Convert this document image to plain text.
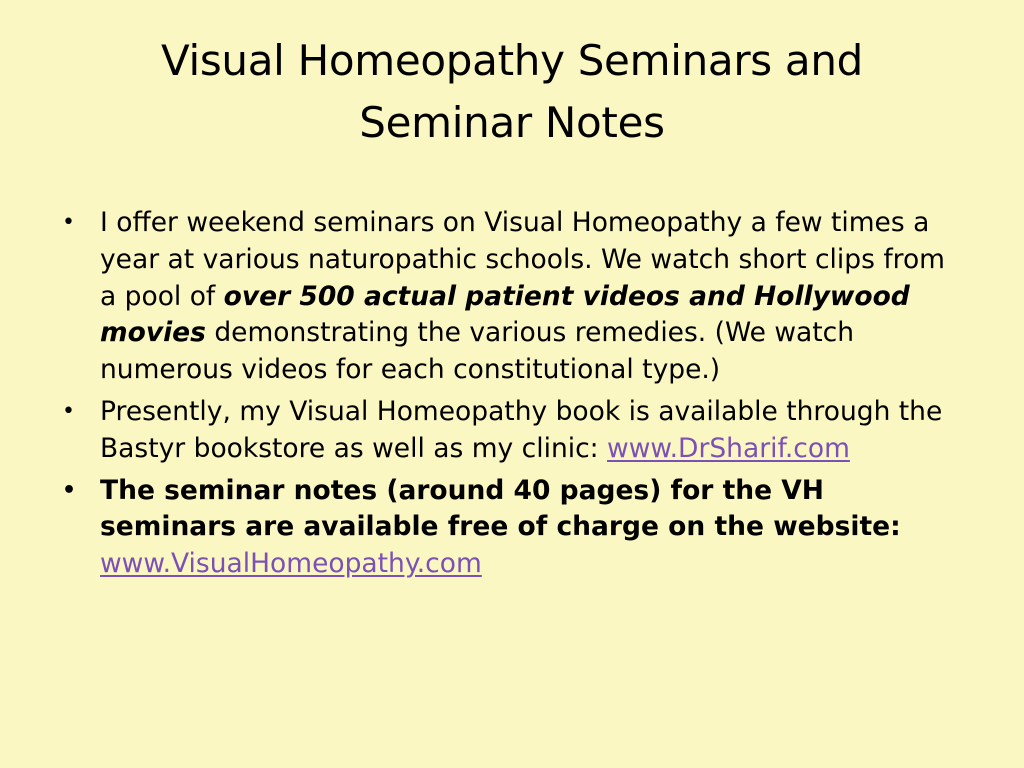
Visual Homeopathy Seminars and
Seminar Notes
• I offer weekend seminars on Visual Homeopathy a few times a year at various naturopathic schools. We watch short clips from a pool of over 500 actual patient videos and Hollywood movies demonstrating the various remedies. (We watch numerous videos for each constitutional type.)
• Presently, my Visual Homeopathy book is available through the Bastyr bookstore as well as my clinic: www.DrSharif.com
• The seminar notes (around 40 pages) for the VH seminars are available free of charge on the website: www.VisualHomeopathy.com
